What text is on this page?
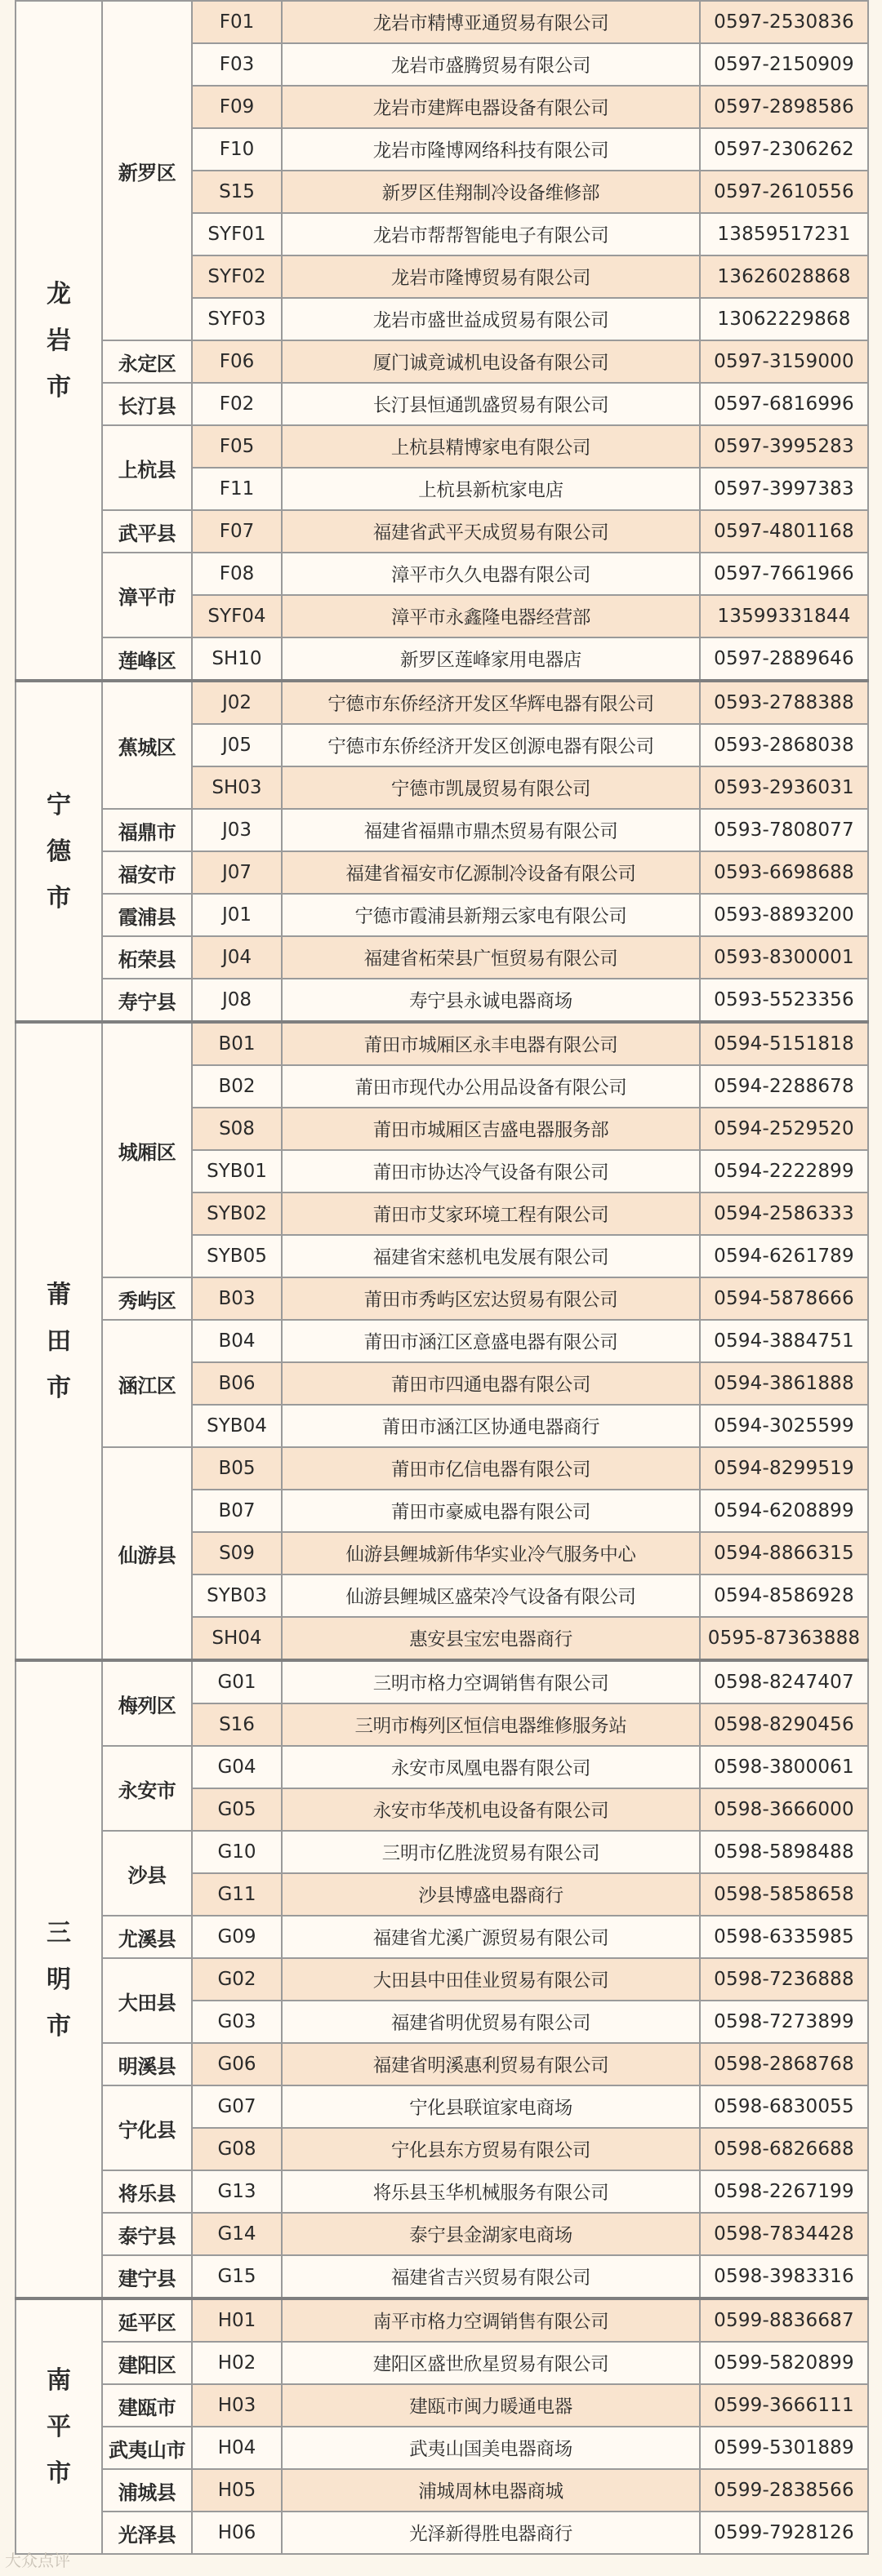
龙
岩
市	新罗区	F01	龙岩市精博亚通贸易有限公司	0597-2530836
		F03	龙岩市盛腾贸易有限公司	0597-2150909
		F09	龙岩市建辉电器设备有限公司	0597-2898586
		F10	龙岩市隆博网络科技有限公司	0597-2306262
		S15	新罗区佳翔制冷设备维修部	0597-2610556
		SYF01	龙岩市帮帮智能电子有限公司	13859517231
		SYF02	龙岩市隆博贸易有限公司	13626028868
		SYF03	龙岩市盛世益成贸易有限公司	13062229868
	永定区	F06	厦门诚竟诚机电设备有限公司	0597-3159000
	长汀县	F02	长汀县恒通凯盛贸易有限公司	0597-6816996
	上杭县	F05	上杭县精博家电有限公司	0597-3995283
		F11	上杭县新杭家电店	0597-3997383
	武平县	F07	福建省武平天成贸易有限公司	0597-4801168
	漳平市	F08	漳平市久久电器有限公司	0597-7661966
		SYF04	漳平市永鑫隆电器经营部	13599331844
	莲峰区	SH10	新罗区莲峰家用电器店	0597-2889646

宁
德
市	蕉城区	J02	宁德市东侨经济开发区华辉电器有限公司	0593-2788388
		J05	宁德市东侨经济开发区创源电器有限公司	0593-2868038
		SH03	宁德市凯晟贸易有限公司	0593-2936031
	福鼎市	J03	福建省福鼎市鼎杰贸易有限公司	0593-7808077
	福安市	J07	福建省福安市亿源制冷设备有限公司	0593-6698688
	霞浦县	J01	宁德市霞浦县新翔云家电有限公司	0593-8893200
	柘荣县	J04	福建省柘荣县广恒贸易有限公司	0593-8300001
	寿宁县	J08	寿宁县永诚电器商场	0593-5523356

莆
田
市	城厢区	B01	莆田市城厢区永丰电器有限公司	0594-5151818
		B02	莆田市现代办公用品设备有限公司	0594-2288678
		S08	莆田市城厢区吉盛电器服务部	0594-2529520
		SYB01	莆田市协达冷气设备有限公司	0594-2222899
		SYB02	莆田市艾家环境工程有限公司	0594-2586333
		SYB05	福建省宋慈机电发展有限公司	0594-6261789
	秀屿区	B03	莆田市秀屿区宏达贸易有限公司	0594-5878666
	涵江区	B04	莆田市涵江区意盛电器有限公司	0594-3884751
		B06	莆田市四通电器有限公司	0594-3861888
		SYB04	莆田市涵江区协通电器商行	0594-3025599
	仙游县	B05	莆田市亿信电器有限公司	0594-8299519
		B07	莆田市豪威电器有限公司	0594-6208899
		S09	仙游县鲤城新伟华实业冷气服务中心	0594-8866315
		SYB03	仙游县鲤城区盛荣冷气设备有限公司	0594-8586928
		SH04	惠安县宝宏电器商行	0595-87363888

三
明
市	梅列区	G01	三明市格力空调销售有限公司	0598-8247407
		S16	三明市梅列区恒信电器维修服务站	0598-8290456
	永安市	G04	永安市凤凰电器有限公司	0598-3800061
		G05	永安市华茂机电设备有限公司	0598-3666000
	沙县	G10	三明市亿胜泷贸易有限公司	0598-5898488
		G11	沙县博盛电器商行	0598-5858658
	尤溪县	G09	福建省尤溪广源贸易有限公司	0598-6335985
	大田县	G02	大田县中田佳业贸易有限公司	0598-7236888
		G03	福建省明优贸易有限公司	0598-7273899
	明溪县	G06	福建省明溪惠利贸易有限公司	0598-2868768
	宁化县	G07	宁化县联谊家电商场	0598-6830055
		G08	宁化县东方贸易有限公司	0598-6826688
	将乐县	G13	将乐县玉华机械服务有限公司	0598-2267199
	泰宁县	G14	泰宁县金湖家电商场	0598-7834428
	建宁县	G15	福建省吉兴贸易有限公司	0598-3983316

南
平
市	延平区	H01	南平市格力空调销售有限公司	0599-8836687
	建阳区	H02	建阳区盛世欣星贸易有限公司	0599-5820899
	建瓯市	H03	建瓯市闽力暖通电器	0599-3666111
	武夷山市	H04	武夷山国美电器商场	0599-5301889
	浦城县	H05	浦城周林电器商城	0599-2838566
	光泽县	H06	光泽新得胜电器商行	0599-7928126
大众点评
